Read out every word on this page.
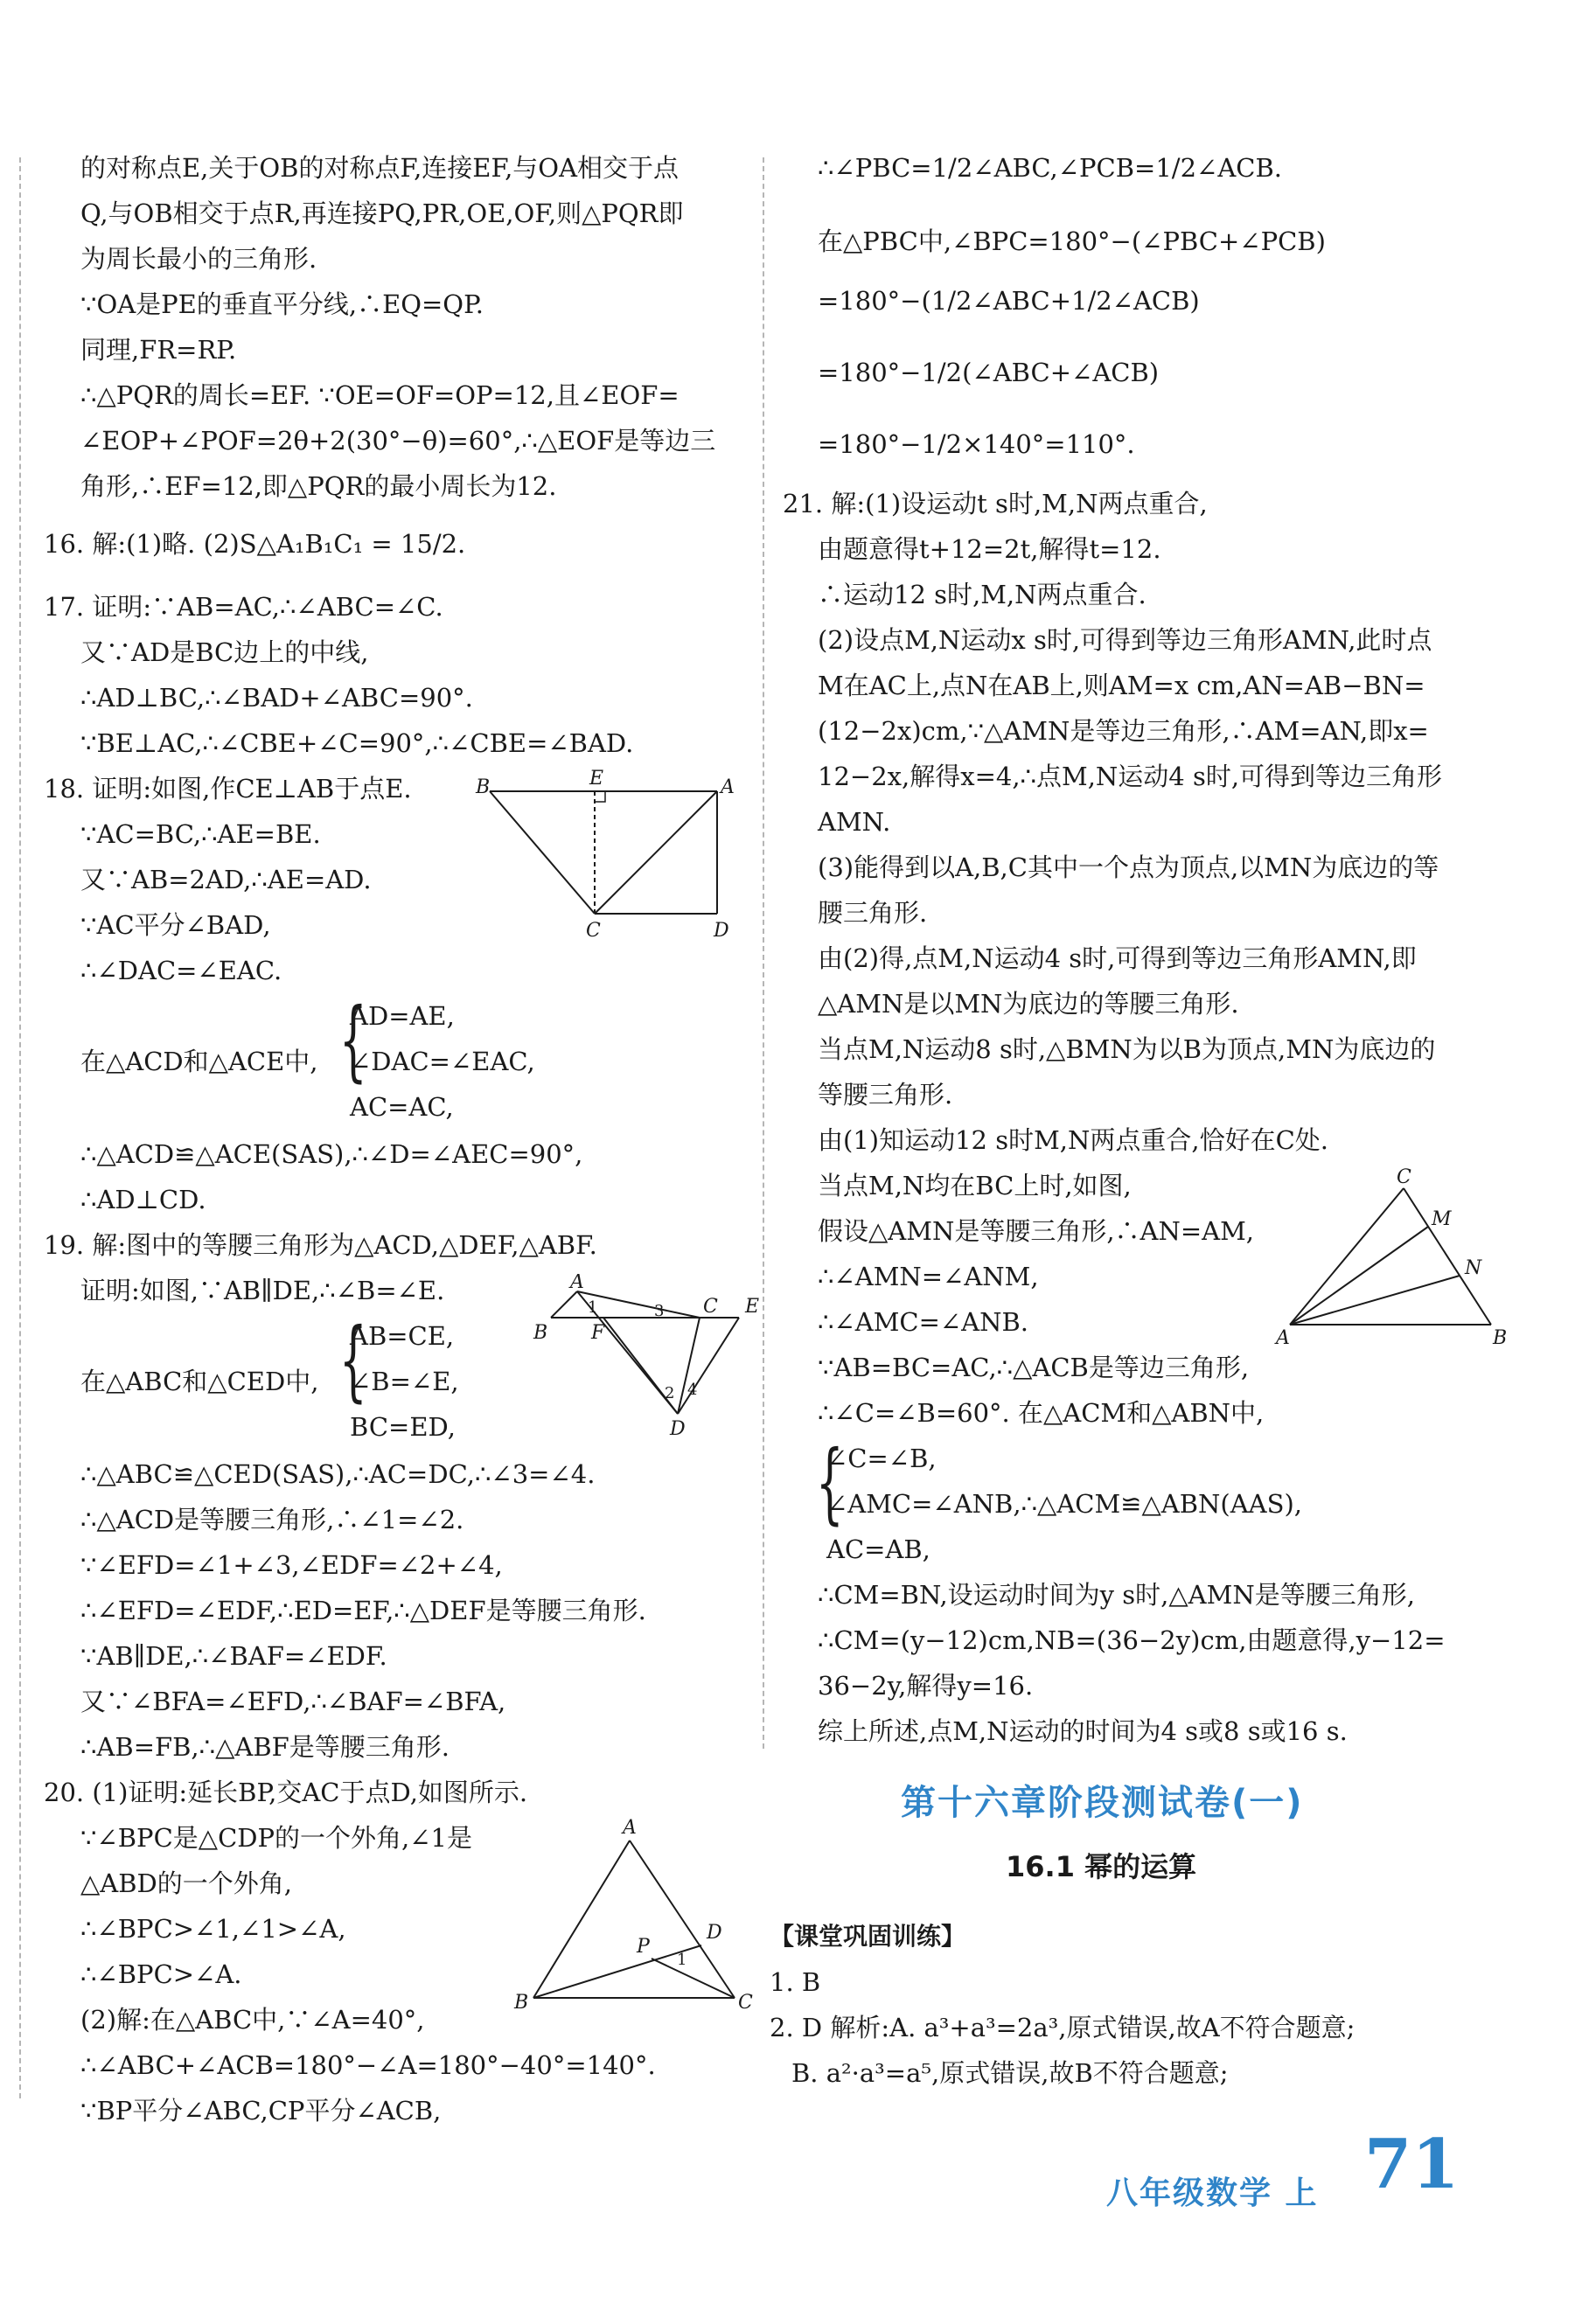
的对称点E,关于OB的对称点F,连接EF,与OA相交于点
Q,与OB相交于点R,再连接PQ,PR,OE,OF,则△PQR即
为周长最小的三角形.
∵OA是PE的垂直平分线,∴EQ=QP.
同理,FR=RP.
∴△PQR的周长=EF. ∵OE=OF=OP=12,且∠EOF=
∠EOP+∠POF=2θ+2(30°−θ)=60°,∴△EOF是等边三
角形,∴EF=12,即△PQR的最小周长为12.
16. 解:(1)略. (2)S△A₁B₁C₁ = 15/2.
17. 证明:∵AB=AC,∴∠ABC=∠C.
又∵AD是BC边上的中线,
∴AD⊥BC,∴∠BAD+∠ABC=90°.
∵BE⊥AC,∴∠CBE+∠C=90°,∴∠CBE=∠BAD.
18. 证明:如图,作CE⊥AB于点E.
∵AC=BC,∴AE=BE.
又∵AB=2AD,∴AE=AD.
∵AC平分∠BAD,
∴∠DAC=∠EAC.
AD=AE,
在△ACD和△ACE中, {
∠DAC=∠EAC,
AC=AC,
∴△ACD≌△ACE(SAS),∴∠D=∠AEC=90°,
∴AD⊥CD.
19. 解:图中的等腰三角形为△ACD,△DEF,△ABF.
证明:如图,∵AB∥DE,∴∠B=∠E.
AB=CE,
在△ABC和△CED中, {
∠B=∠E,
BC=ED,
∴△ABC≌△CED(SAS),∴AC=DC,∴∠3=∠4.
∴△ACD是等腰三角形,∴∠1=∠2.
∵∠EFD=∠1+∠3,∠EDF=∠2+∠4,
∴∠EFD=∠EDF,∴ED=EF,∴△DEF是等腰三角形.
∵AB∥DE,∴∠BAF=∠EDF.
又∵∠BFA=∠EFD,∴∠BAF=∠BFA,
∴AB=FB,∴△ABF是等腰三角形.
20. (1)证明:延长BP,交AC于点D,如图所示.
∵∠BPC是△CDP的一个外角,∠1是
△ABD的一个外角,
∴∠BPC>∠1,∠1>∠A,
∴∠BPC>∠A.
(2)解:在△ABC中,∵∠A=40°,
∴∠ABC+∠ACB=180°−∠A=180°−40°=140°.
∵BP平分∠ABC,CP平分∠ACB,
B	E	A
C	D
A
B F
1	3 C E
2 4
D
A
P
D
1
B	C
∴∠PBC=1/2∠ABC,∠PCB=1/2∠ACB.
在△PBC中,∠BPC=180°−(∠PBC+∠PCB)
=180°−(1/2∠ABC+1/2∠ACB)
=180°−1/2(∠ABC+∠ACB)
=180°−1/2×140°=110°.
21. 解:(1)设运动t s时,M,N两点重合,
由题意得t+12=2t,解得t=12.
∴运动12 s时,M,N两点重合.
(2)设点M,N运动x s时,可得到等边三角形AMN,此时点
M在AC上,点N在AB上,则AM=x cm,AN=AB−BN=
(12−2x)cm,∵△AMN是等边三角形,∴AM=AN,即x=
12−2x,解得x=4,∴点M,N运动4 s时,可得到等边三角形
AMN.
(3)能得到以A,B,C其中一个点为顶点,以MN为底边的等
腰三角形.
由(2)得,点M,N运动4 s时,可得到等边三角形AMN,即
△AMN是以MN为底边的等腰三角形.
当点M,N运动8 s时,△BMN为以B为顶点,MN为底边的
等腰三角形.
由(1)知运动12 s时M,N两点重合,恰好在C处.
当点M,N均在BC上时,如图,
假设△AMN是等腰三角形,∴AN=AM,
∴∠AMN=∠ANM,
∴∠AMC=∠ANB.
∵AB=BC=AC,∴△ACB是等边三角形,
∴∠C=∠B=60°. 在△ACM和△ABN中,
{
∠C=∠B,
∠AMC=∠ANB,∴△ACM≌△ABN(AAS),
AC=AB,
∴CM=BN,设运动时间为y s时,△AMN是等腰三角形,
∴CM=(y−12)cm,NB=(36−2y)cm,由题意得,y−12=
36−2y,解得y=16.
综上所述,点M,N运动的时间为4 s或8 s或16 s.
C
M
N
A	B
第十六章阶段测试卷(一)
16.1 幂的运算
【课堂巩固训练】
1. B
2. D 解析:A. a³+a³=2a³,原式错误,故A不符合题意;
B. a²·a³=a⁵,原式错误,故B不符合题意;
八年级数学 上 71
